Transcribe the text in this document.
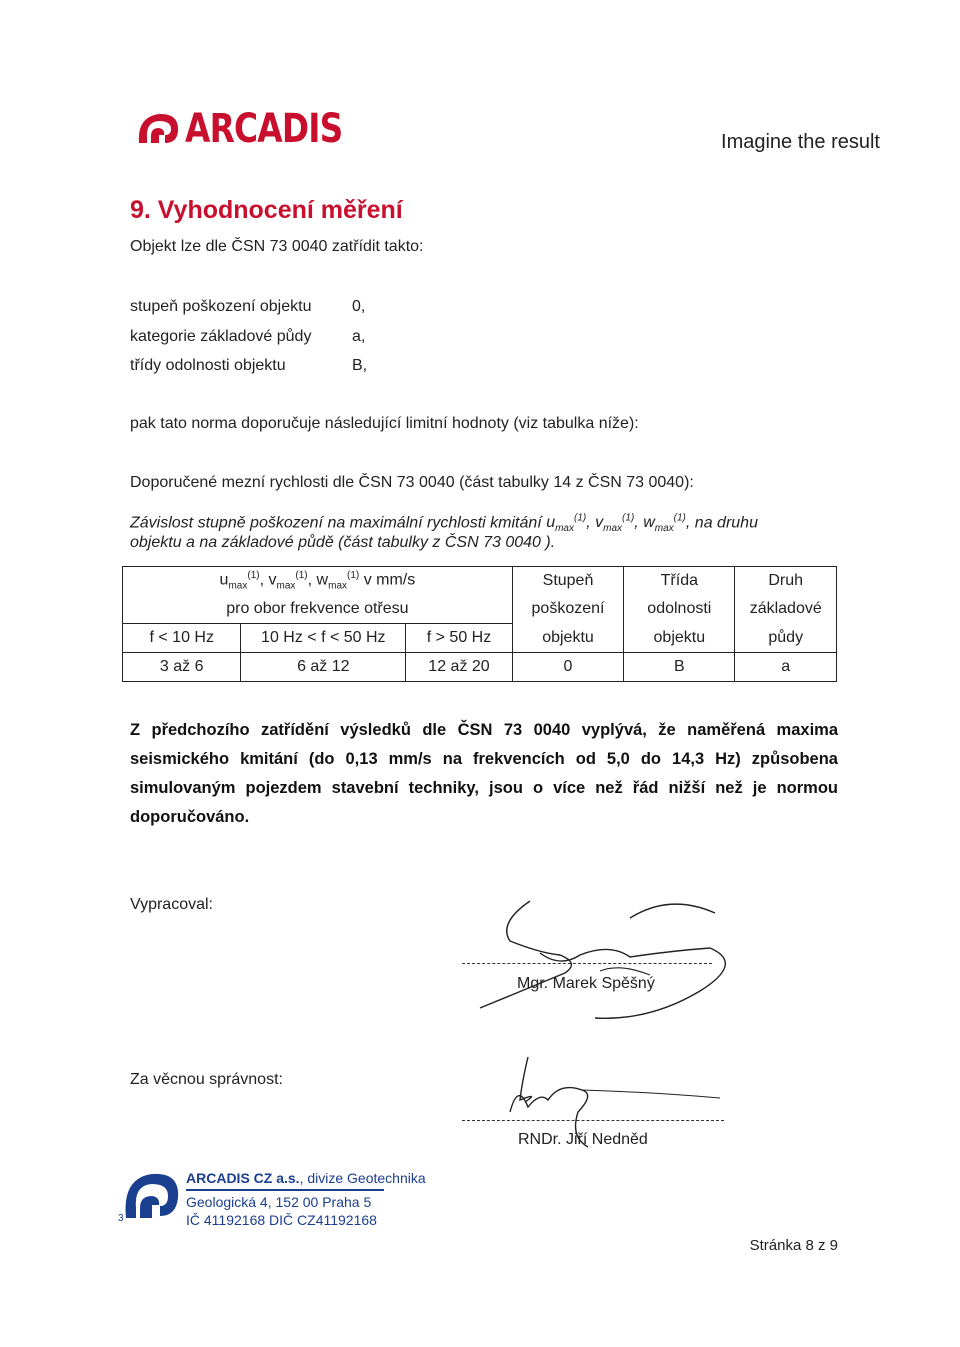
ARCADIS	Imagine the result
9. Vyhodnocení měření
Objekt lze dle ČSN 73 0040 zatřídit takto:
stupeň poškození objektu	0,
kategorie základové půdy	a,
třídy odolnosti objektu	B,
pak tato norma doporučuje následující limitní hodnoty (viz tabulka níže):
Doporučené mezní rychlosti dle ČSN 73 0040 (část tabulky 14 z ČSN 73 0040):
Závislost stupně poškození na maximální rychlosti kmitání $u_{max}^{(1)}$, $v_{max}^{(1)}$, $w_{max}^{(1)}$, na druhu
objektu a na základové půdě (část tabulky z ČSN 73 0040 ).
$u_{max}^{(1)}$, $v_{max}^{(1)}$, $w_{max}^{(1)}$ v mm/s			Stupeň	Třída	Druh
pro obor frekvence otřesu			poškození	odolnosti	základové
f < 10 Hz	10 Hz < f < 50 Hz	f > 50 Hz	objektu	objektu	půdy
3 až 6	6 až 12	12 až 20	0	B	a
Z předchozího zatřídění výsledků dle ČSN 73 0040 vyplývá, že naměřená maxima seismického kmitání (do 0,13 mm/s na frekvencích od 5,0 do 14,3 Hz) způsobena simulovaným pojezdem stavební techniky, jsou o více než řád nižší než je normou doporučováno.
Vypracoval:
Mgr. Marek Spěšný
Za věcnou správnost:
RNDr. Jiří Nedněd
3
ARCADIS CZ a.s., divize Geotechnika
Geologická 4, 152 00 Praha 5
IČ 41192168 DIČ CZ41192168
Stránka 8 z 9
